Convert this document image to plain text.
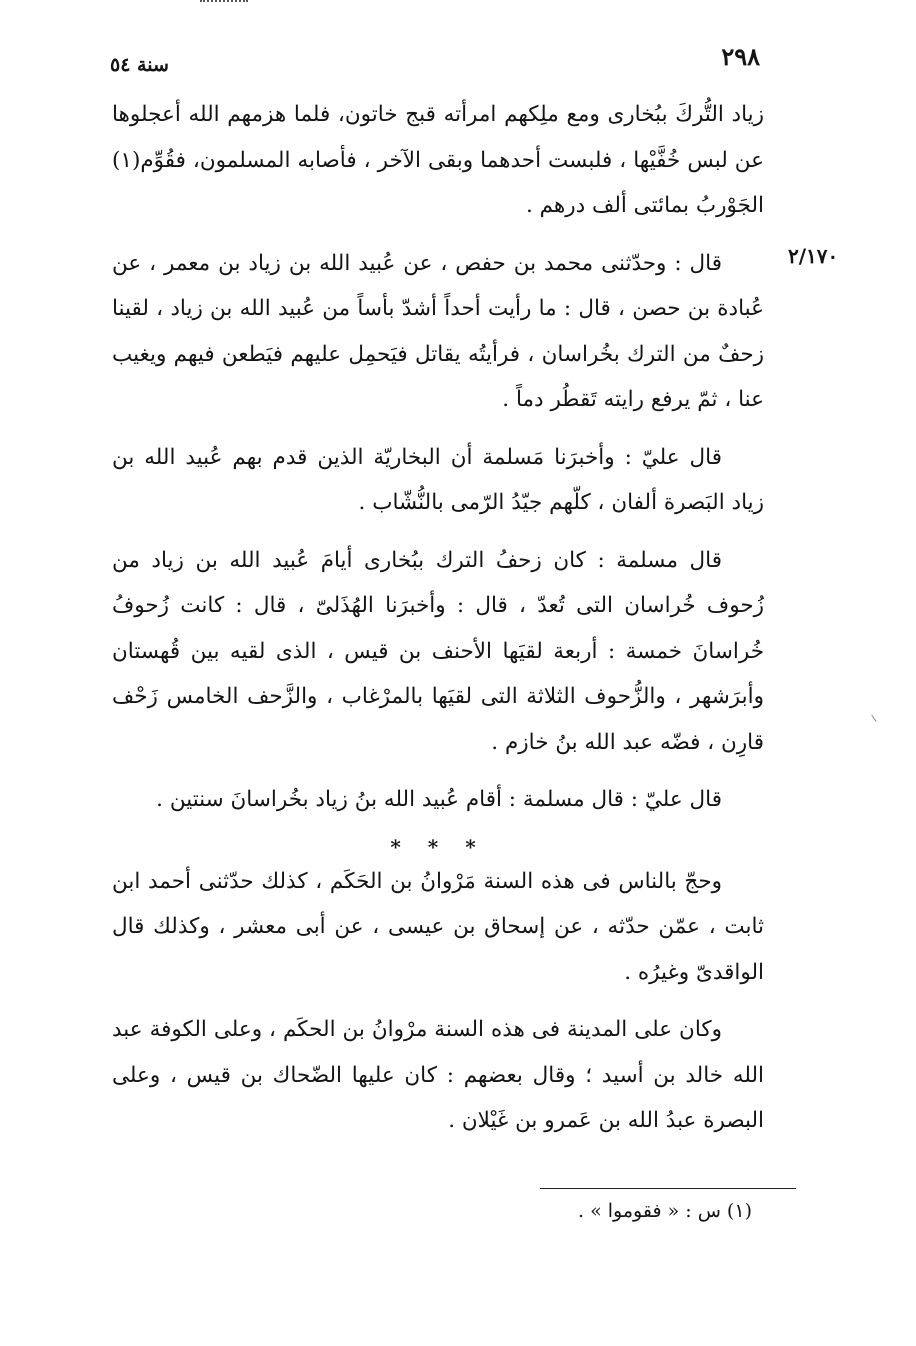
سنة ٥٤	٢٩٨
٢/١٧٠

زياد التُّركَ ببُخارى ومع ملِكهم امرأته قبج خاتون، فلما هزمهم الله أعجلوها عن لبس خُفَّيْها ، فلبست أحدهما وبقى الآخر ، فأصابه المسلمون، فقُوِّم(١) الجَوْربُ بمائتى ألف درهم .

قال : وحدّثنى محمد بن حفص ، عن عُبيد الله بن زياد بن معمر ، عن عُبادة بن حصن ، قال : ما رأيت أحداً أشدّ بأساً من عُبيد الله بن زياد ، لقينا زحفٌ من الترك بخُراسان ، فرأيتُه يقاتل فيَحمِل عليهم فيَطعن فيهم ويغيب عنا ، ثمّ يرفع رايته تَقطُر دماً .

قال عليّ : وأخبرَنا مَسلمة أن البخاريّة الذين قدم بهم عُبيد الله بن زياد البَصرة ألفان ، كلّهم جيّدُ الرّمى بالنُّشّاب .

قال مسلمة : كان زحفُ الترك ببُخارى أيامَ عُبيد الله بن زياد من زُحوف خُراسان التى تُعدّ ، قال : وأخبرَنا الهُذَلىّ ، قال : كانت زُحوفُ خُراسانَ خمسة : أربعة لقيَها الأحنف بن قيس ، الذى لقيه بين قُهستان وأبرَشهر ، والزُّحوف الثلاثة التى لقيَها بالمرْغاب ، والزَّحف الخامس زَحْف قارِن ، فضّه عبد الله بنُ خازم .

قال عليّ : قال مسلمة : أقام عُبيد الله بنُ زياد بخُراسانَ سنتين .

* * *

وحجّ بالناس فى هذه السنة مَرْوانُ بن الحَكَم ، كذلك حدّثنى أحمد ابن ثابت ، عمّن حدّثه ، عن إسحاق بن عيسى ، عن أبى معشر ، وكذلك قال الواقدىّ وغيرُه .

وكان على المدينة فى هذه السنة مرْوانُ بن الحكَم ، وعلى الكوفة عبد الله خالد بن أسيد ؛ وقال بعضهم : كان عليها الضّحاك بن قيس ، وعلى البصرة عبدُ الله بن عَمرو بن غَيْلان .

(١) س : « فقوموا » .
